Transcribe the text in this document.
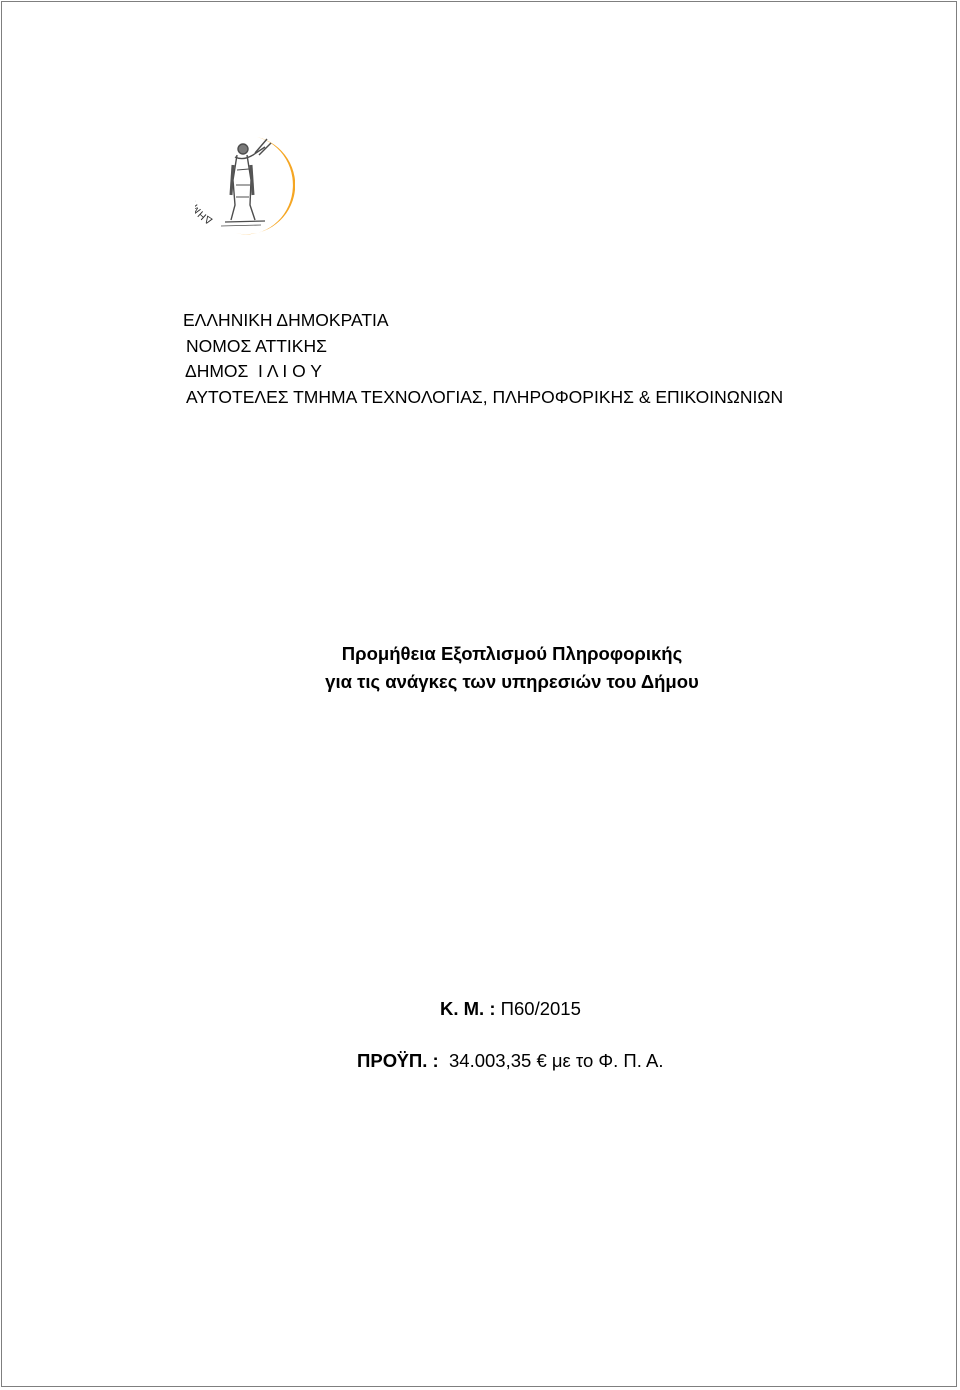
ΔΗ
ΕΛΛΗΝΙΚΗ ΔΗΜΟΚΡΑΤΙΑ
ΝΟΜΟΣ ΑΤΤΙΚΗΣ
ΔΗΜΟΣ  Ι Λ Ι Ο Υ
ΑΥΤΟΤΕΛΕΣ ΤΜΗΜΑ ΤΕΧΝΟΛΟΓΙΑΣ, ΠΛΗΡΟΦΟΡΙΚΗΣ & ΕΠΙΚΟΙΝΩΝΙΩΝ
Προμήθεια Εξοπλισμού Πληροφορικής
για τις ανάγκες των υπηρεσιών του Δήμου
Κ. Μ. : Π60/2015
ΠΡΟΫΠ. : 34.003,35 € με το Φ. Π. Α.
